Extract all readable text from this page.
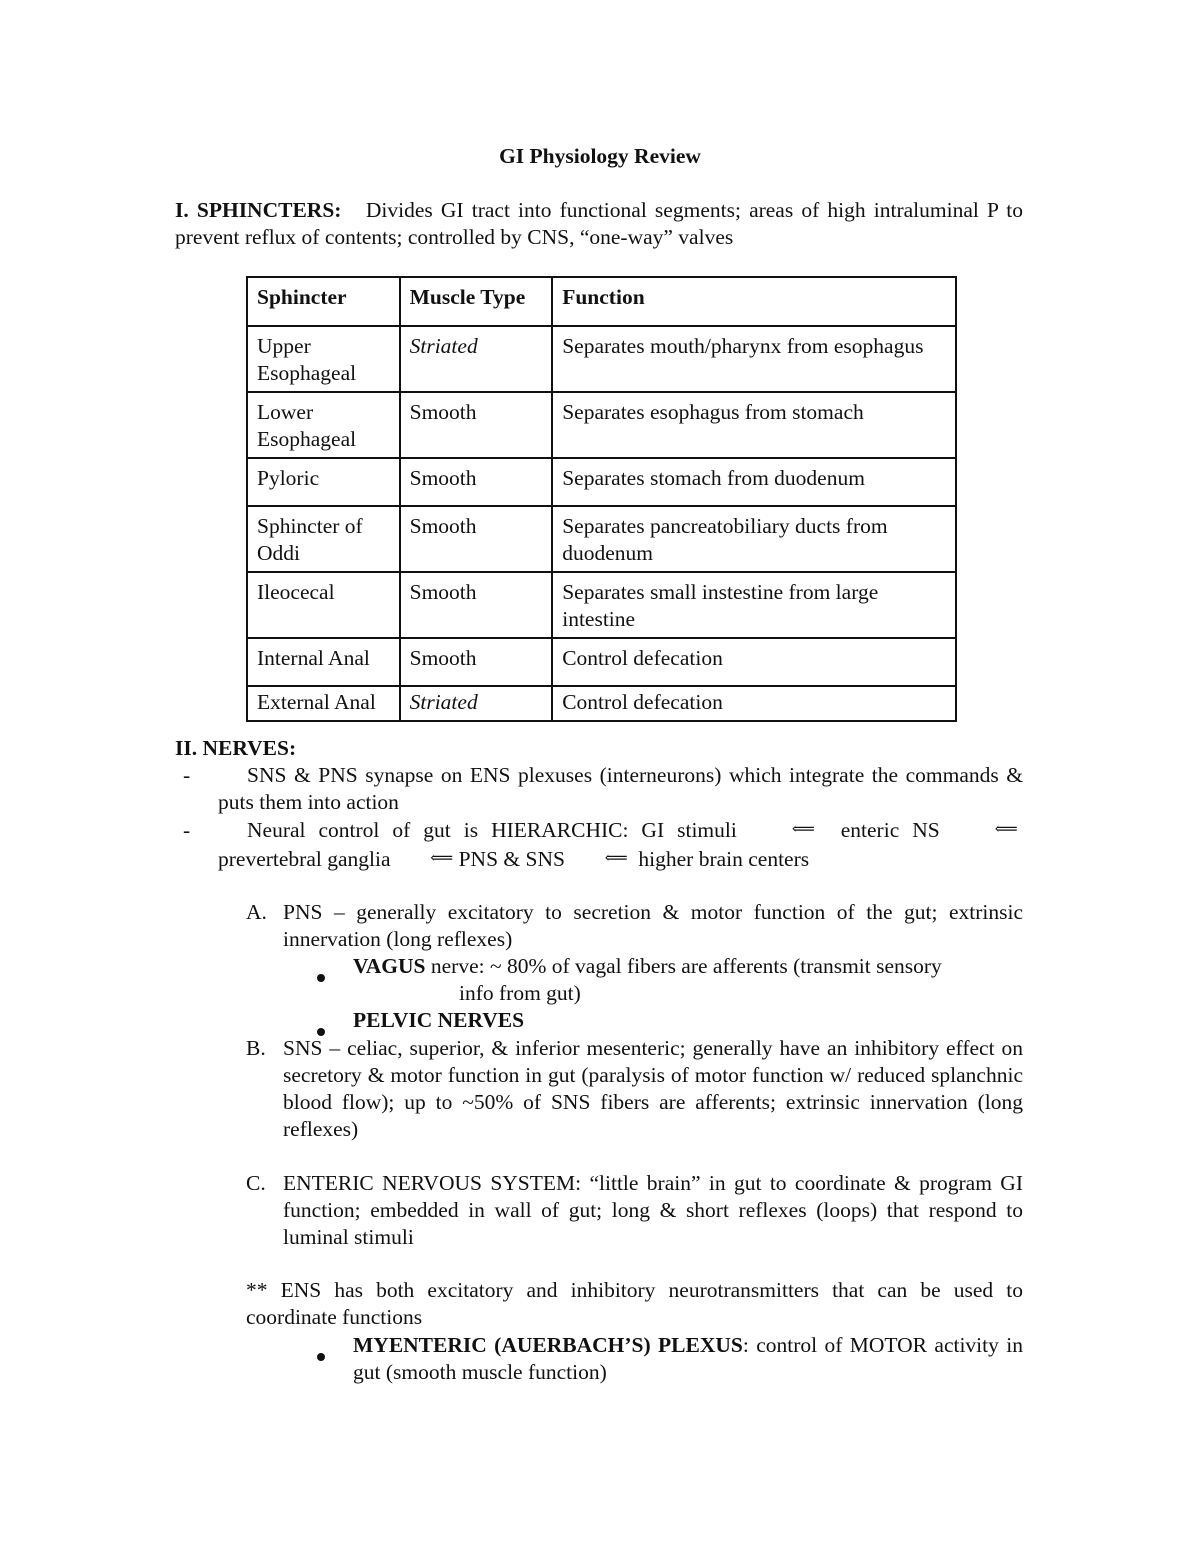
GI Physiology Review

I. SPHINCTERS: Divides GI tract into functional segments; areas of high intraluminal P to prevent reflux of contents; controlled by CNS, “one-way” valves

Sphincter	Muscle Type	Function
Upper Esophageal	Striated	Separates mouth/pharynx from esophagus
Lower Esophageal	Smooth	Separates esophagus from stomach
Pyloric	Smooth	Separates stomach from duodenum
Sphincter of Oddi	Smooth	Separates pancreatobiliary ducts from duodenum
Ileocecal	Smooth	Separates small instestine from large intestine
Internal Anal	Smooth	Control defecation
External Anal	Striated	Control defecation
II. NERVES:
-	SNS & PNS synapse on ENS plexuses (interneurons) which integrate the commands & puts them into action

-	Neural control of gut is HIERARCHIC: GI stimuli	⟸ enteric NS	⟸  prevertebral ganglia ⟸ PNS & SNS ⟸ higher brain centers

A. PNS – generally excitatory to secretion & motor function of the gut; extrinsic innervation (long reflexes)

VAGUS nerve: ~ 80% of vagal fibers are afferents (transmit sensory

info from gut)

PELVIC NERVES

B. SNS – celiac, superior, & inferior mesenteric; generally have an inhibitory effect on secretory & motor function in gut (paralysis of motor function w/ reduced splanchnic blood flow); up to ~50% of SNS fibers are afferents; extrinsic innervation (long reflexes)

C. ENTERIC NERVOUS SYSTEM: “little brain” in gut to coordinate & program GI function; embedded in wall of gut; long & short reflexes (loops) that respond to luminal stimuli

** ENS has both excitatory and inhibitory neurotransmitters that can be used to coordinate functions

MYENTERIC (AUERBACH’S) PLEXUS: control of MOTOR activity in gut (smooth muscle function)
